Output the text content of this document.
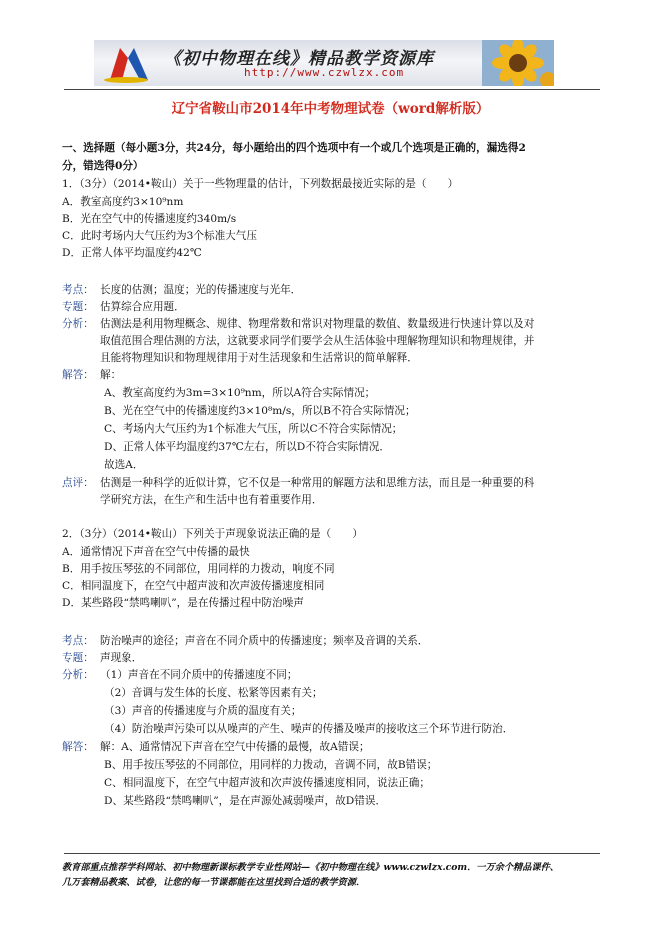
《初中物理在线》精品教学资源库
http://www.czwlzx.com
辽宁省鞍山市2014年中考物理试卷（word解析版）
一、选择题（每小题3分，共24分，每小题给出的四个选项中有一个或几个选项是正确的，漏选得2
分，错选得0分）
1．（3分）（2014•鞍山）关于一些物理量的估计，下列数据最接近实际的是（　　）
A．教室高度约3×10⁹nm
B．光在空气中的传播速度约340m/s
C．此时考场内大气压约为3个标准大气压
D．正常人体平均温度约42℃
考点： 长度的估测；温度；光的传播速度与光年．
专题： 估算综合应用题．
分析： 估测法是利用物理概念、规律、物理常数和常识对物理量的数值、数量级进行快速计算以及对
取值范围合理估测的方法，这就要求同学们要学会从生活体验中理解物理知识和物理规律，并
且能将物理知识和物理规律用于对生活现象和生活常识的简单解释．
解答： 解：
A、教室高度约为3m=3×10⁹nm，所以A符合实际情况；
B、光在空气中的传播速度约3×10⁸m/s，所以B不符合实际情况；
C、考场内大气压约为1个标准大气压，所以C不符合实际情况；
D、正常人体平均温度约37℃左右，所以D不符合实际情况．
故选A．
点评： 估测是一种科学的近似计算，它不仅是一种常用的解题方法和思维方法，而且是一种重要的科
学研究方法，在生产和生活中也有着重要作用．
2．（3分）（2014•鞍山）下列关于声现象说法正确的是（　　）
A．通常情况下声音在空气中传播的最快
B．用手按压琴弦的不同部位，用同样的力拨动，响度不同
C．相同温度下，在空气中超声波和次声波传播速度相同
D．某些路段“禁鸣喇叭”，是在传播过程中防治噪声
考点： 防治噪声的途径；声音在不同介质中的传播速度；频率及音调的关系．
专题： 声现象．
分析： （1）声音在不同介质中的传播速度不同；
（2）音调与发生体的长度、松紧等因素有关；
（3）声音的传播速度与介质的温度有关；
（4）防治噪声污染可以从噪声的产生、噪声的传播及噪声的接收这三个环节进行防治．
解答： 解：A、通常情况下声音在空气中传播的最慢，故A错误；
B、用手按压琴弦的不同部位，用同样的力拨动，音调不同，故B错误；
C、相同温度下，在空气中超声波和次声波传播速度相同，说法正确；
D、某些路段“禁鸣喇叭”，是在声源处减弱噪声，故D错误．
教育部重点推荐学科网站、初中物理新课标教学专业性网站—《初中物理在线》www.czwlzx.com．一万余个精品课件、
几万套精品教案、试卷，让您的每一节课都能在这里找到合适的教学资源．
